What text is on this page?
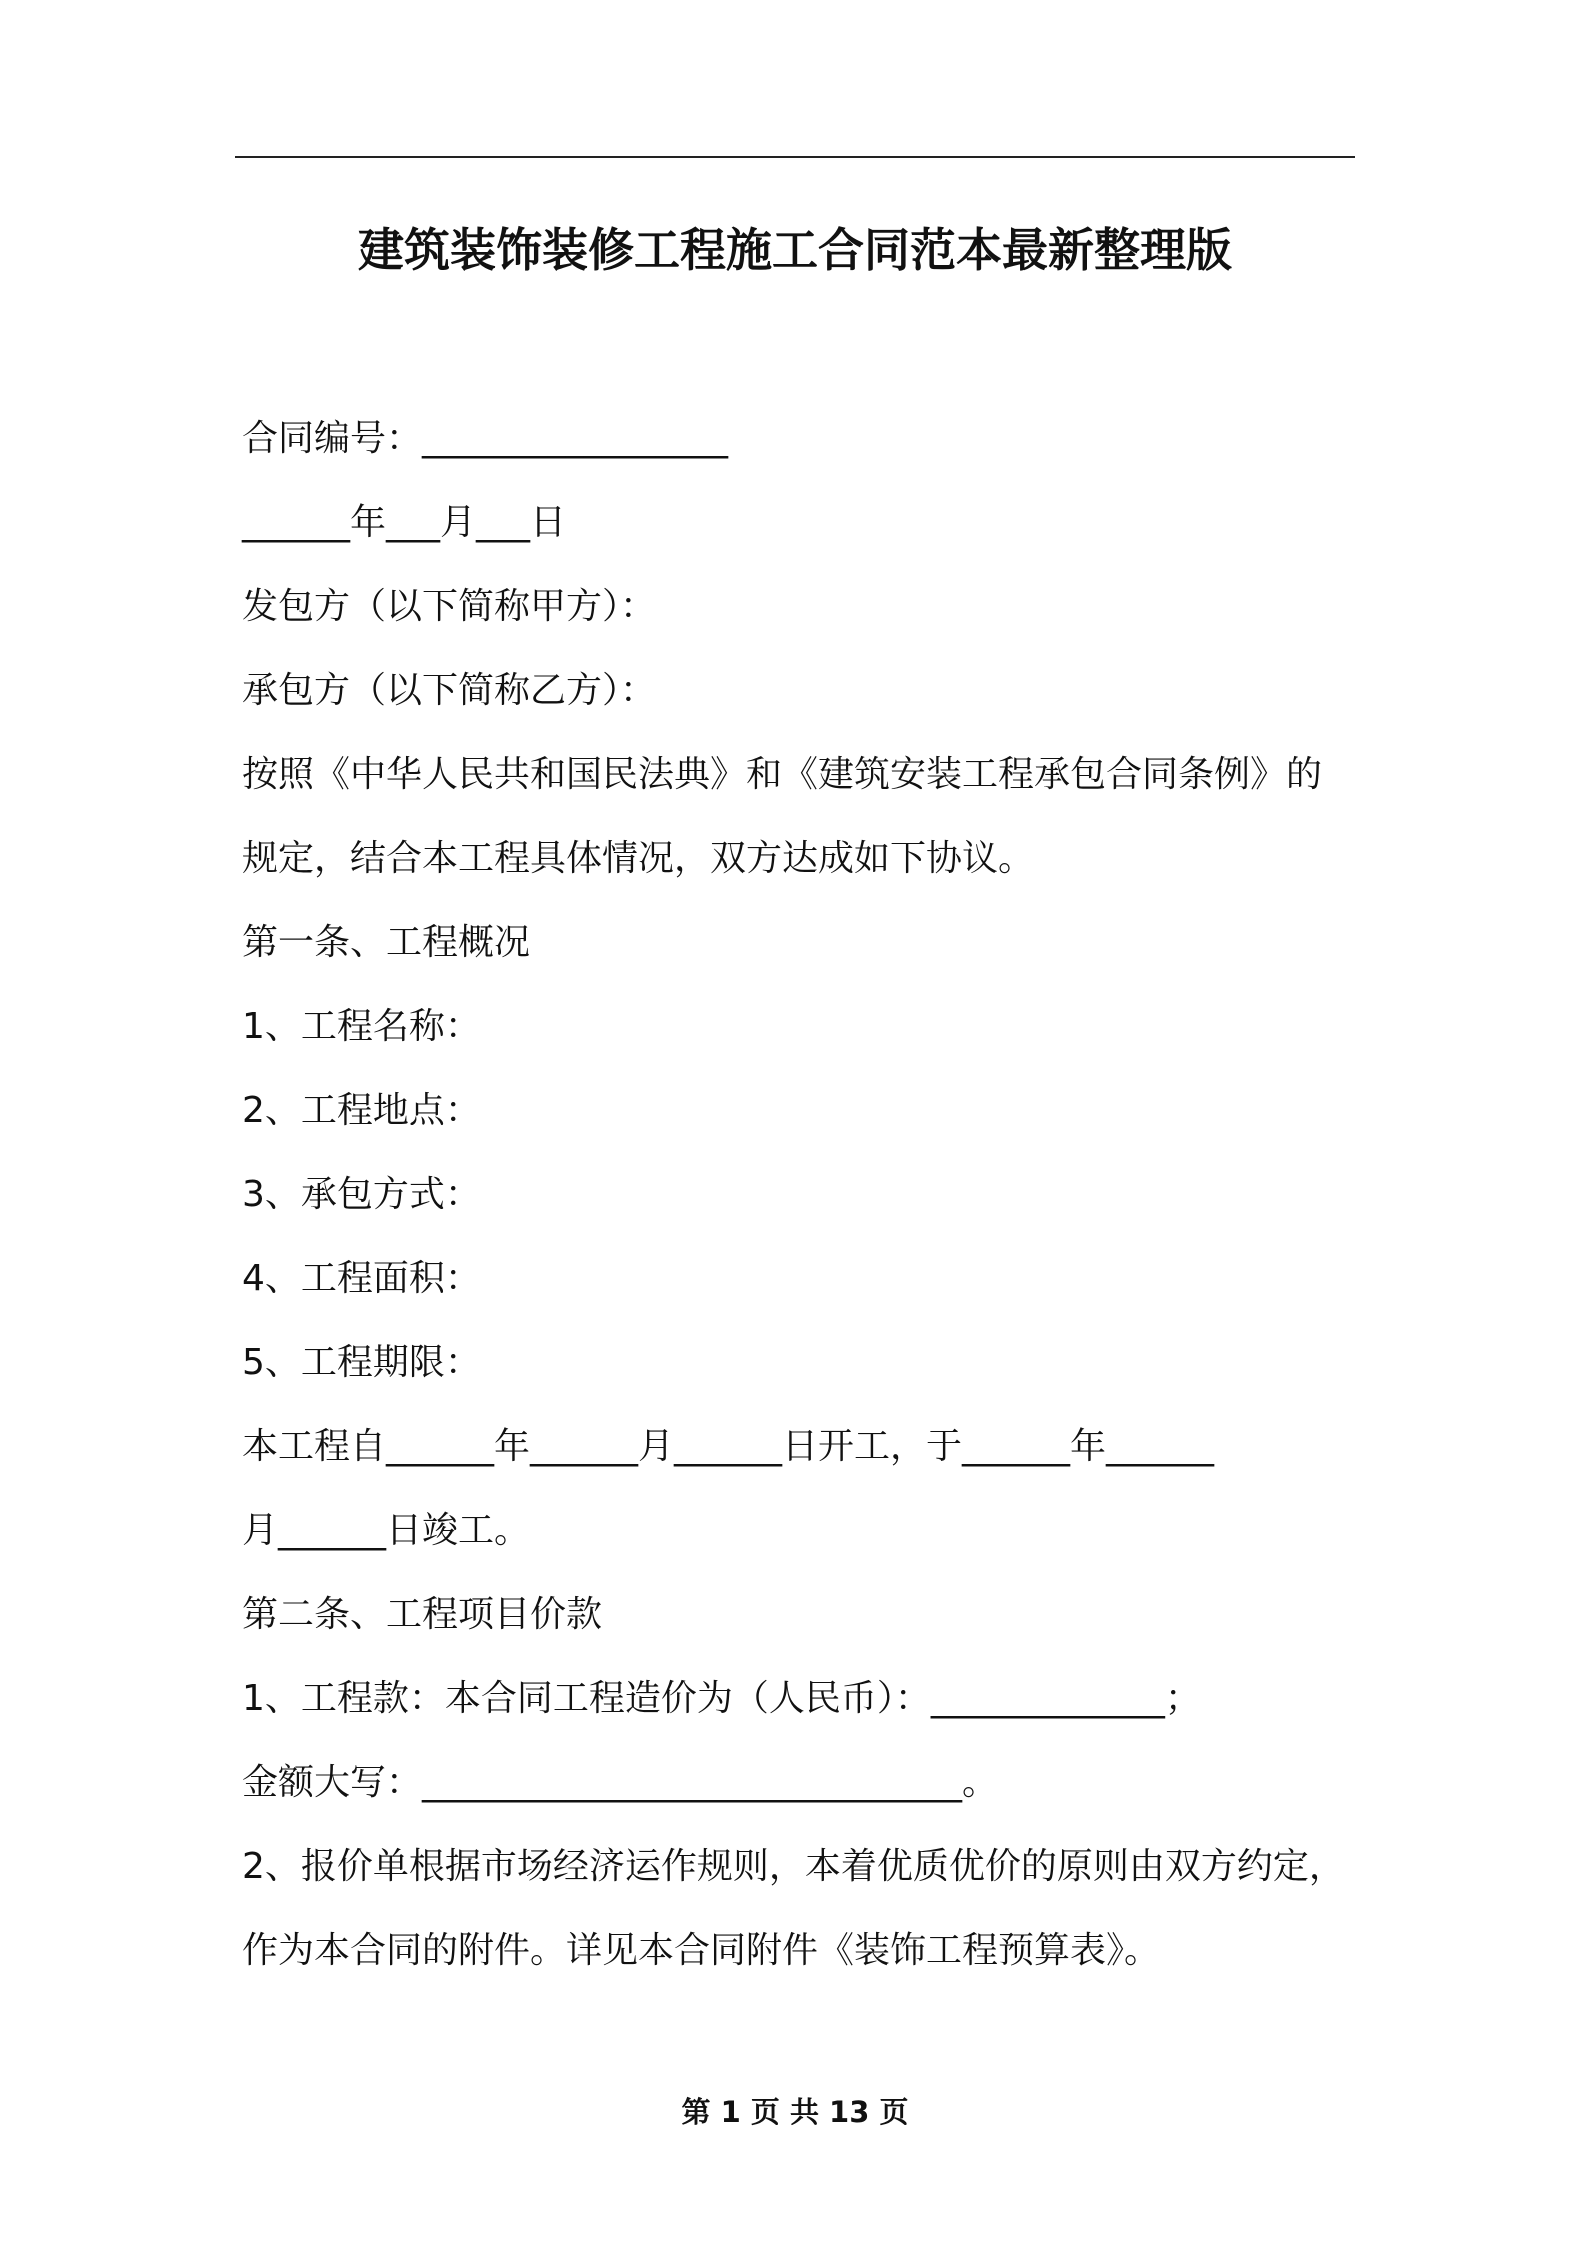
建筑装饰装修工程施工合同范本最新整理版
合同编号：_________________
______年___月___日
发包方（以下简称甲方）：
承包方（以下简称乙方）：
按照《中华人民共和国民法典》和《建筑安装工程承包合同条例》的
规定，结合本工程具体情况，双方达成如下协议。
第一条、工程概况
1、工程名称：
2、工程地点：
3、承包方式：
4、工程面积：
5、工程期限：
本工程自______年______月______日开工，于______年______
月______日竣工。
第二条、工程项目价款
1、工程款：本合同工程造价为（人民币）：_____________；
金额大写：______________________________。
2、报价单根据市场经济运作规则，本着优质优价的原则由双方约定，
作为本合同的附件。详见本合同附件《装饰工程预算表》。
第 1 页 共 13 页
